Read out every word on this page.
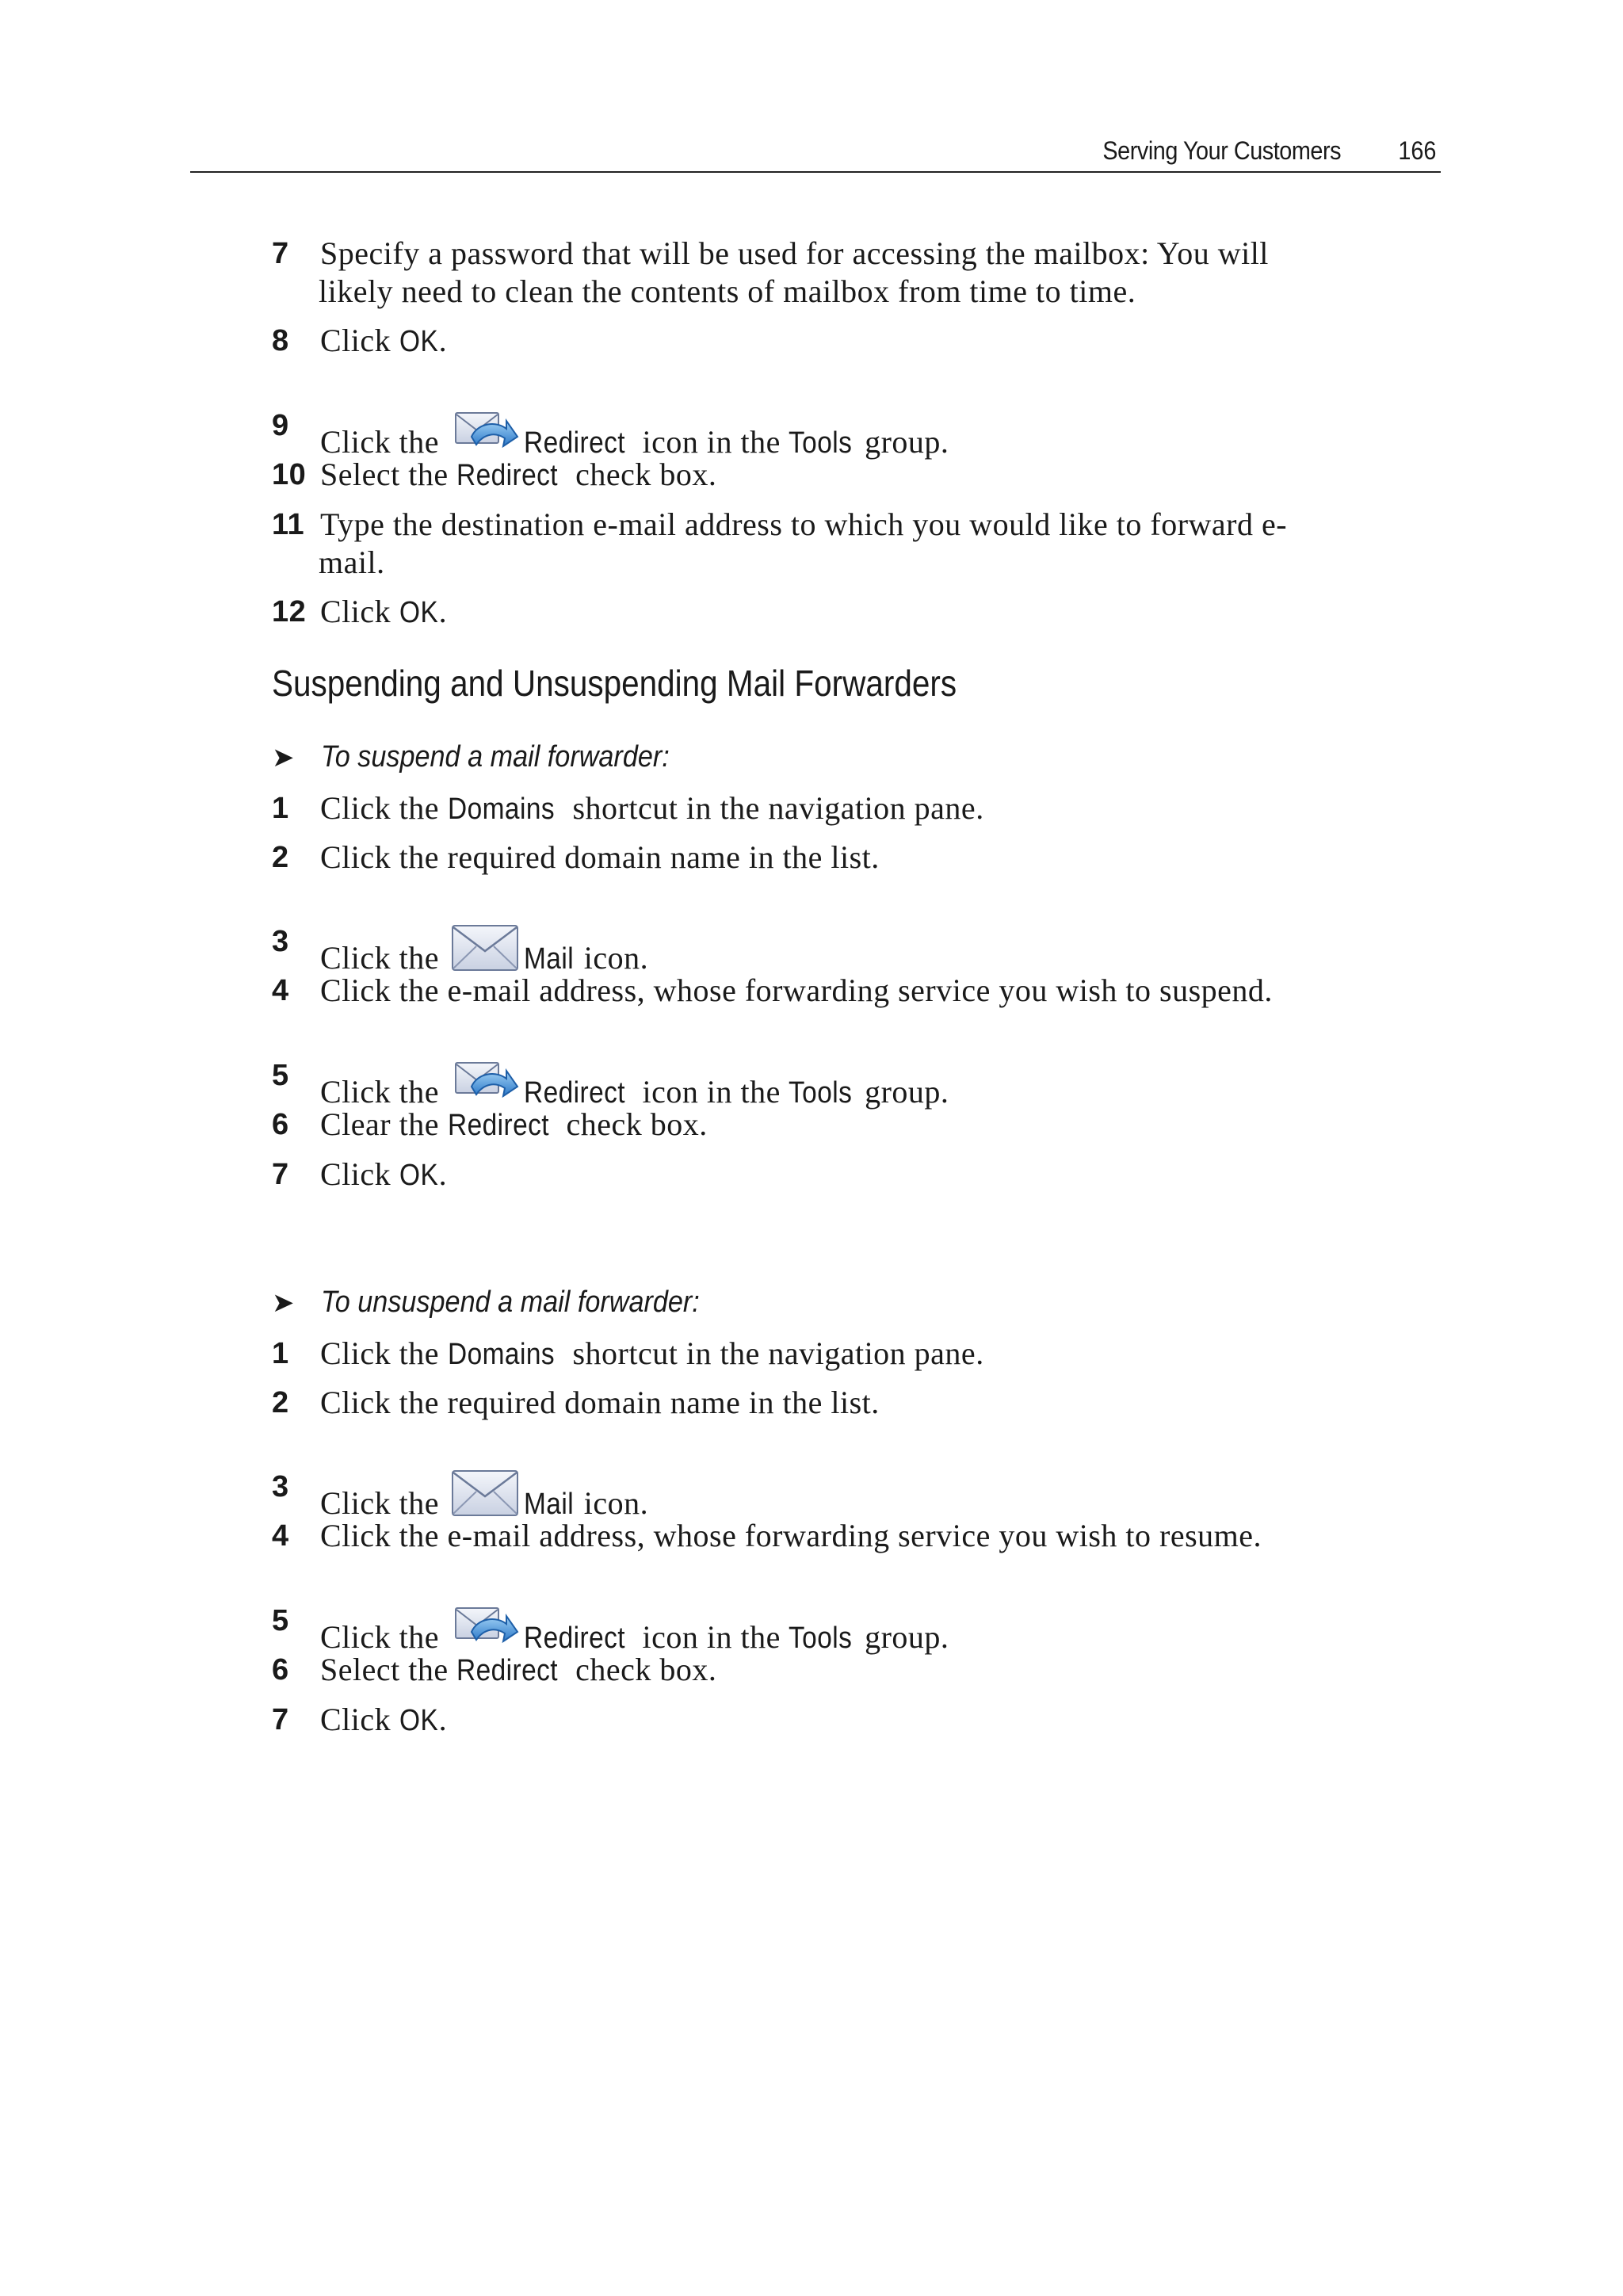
Serving Your Customers 166
7 Specify a password that will be used for accessing the mailbox: You will
likely need to clean the contents of mailbox from time to time.
8 Click OK.
9 Click the	Redirect icon in the Tools group.
10 Select the Redirect check box.
11 Type the destination e-mail address to which you would like to forward e-
mail.
12 Click OK.
Suspending and Unsuspending Mail Forwarders
➤ To suspend a mail forwarder:
1 Click the Domains shortcut in the navigation pane.
2 Click the required domain name in the list.
3 Click the	Mail icon.
4 Click the e-mail address, whose forwarding service you wish to suspend.
5 Click the	Redirect icon in the Tools group.
6 Clear the Redirect check box.
7 Click OK.
➤ To unsuspend a mail forwarder:
1 Click the Domains shortcut in the navigation pane.
2 Click the required domain name in the list.
3 Click the	Mail icon.
4 Click the e-mail address, whose forwarding service you wish to resume.
5 Click the	Redirect icon in the Tools group.
6 Select the Redirect check box.
7 Click OK.
